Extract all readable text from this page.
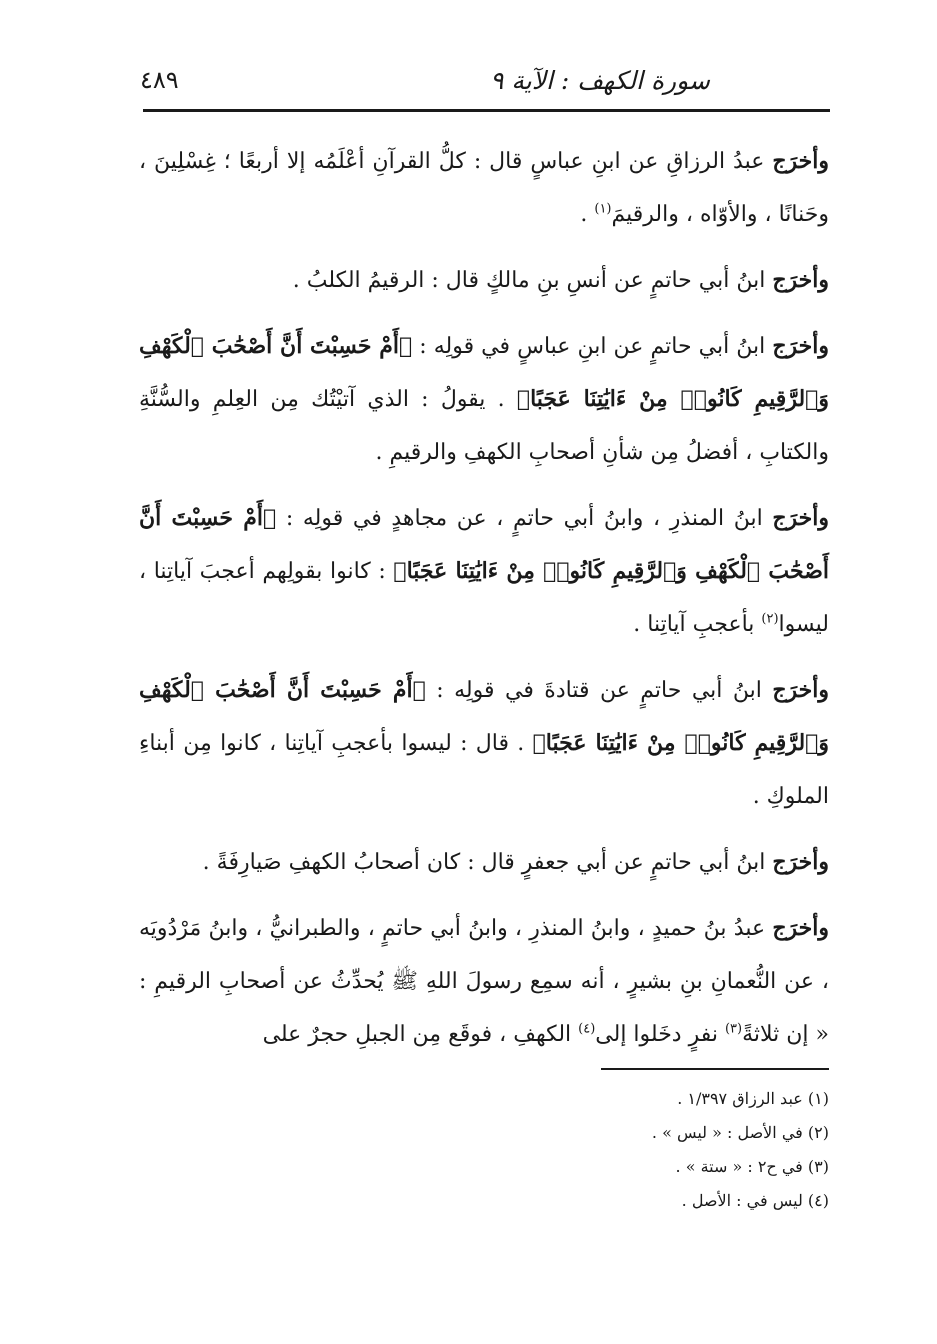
سورة الكهف : الآية ٩
٤٨٩

وأخرَج عبدُ الرزاقِ عن ابنِ عباسٍ قال : كلُّ القرآنِ أعْلَمُه إلا أربعًا ؛ غِسْلِينَ ، وحَنانًا ، والأوّاه ، والرقيمَ$^{(١)}$ .

وأخرَج ابنُ أبي حاتمٍ عن أنسِ بنِ مالكٍ قال : الرقيمُ الكلبُ .

وأخرَج ابنُ أبي حاتمٍ عن ابنِ عباسٍ في قولِه : ﴿أَمْ حَسِبْتَ أَنَّ أَصْحَٰبَ ٱلْكَهْفِ وَٱلرَّقِيمِ كَانُوا۟ مِنْ ءَايَٰتِنَا عَجَبًا﴾ . يقولُ : الذي آتيْتُك مِن العِلمِ والسُّنَّةِ والكتابِ ، أفضلُ مِن شأنِ أصحابِ الكهفِ والرقيمِ .

وأخرَج ابنُ المنذرِ ، وابنُ أبي حاتمٍ ، عن مجاهدٍ في قولِه : ﴿أَمْ حَسِبْتَ أَنَّ أَصْحَٰبَ ٱلْكَهْفِ وَٱلرَّقِيمِ كَانُوا۟ مِنْ ءَايَٰتِنَا عَجَبًا﴾ : كانوا بقولِهم أعجبَ آياتِنا ، ليسوا$^{(٢)}$ بأعجبِ آياتِنا .

وأخرَج ابنُ أبي حاتمٍ عن قتادةَ في قولِه : ﴿أَمْ حَسِبْتَ أَنَّ أَصْحَٰبَ ٱلْكَهْفِ وَٱلرَّقِيمِ كَانُوا۟ مِنْ ءَايَٰتِنَا عَجَبًا﴾ . قال : ليسوا بأعجبِ آياتِنا ، كانوا مِن أبناءِ الملوكِ .

وأخرَج ابنُ أبي حاتمٍ عن أبي جعفرٍ قال : كان أصحابُ الكهفِ صَيارِفَةً .

وأخرَج عبدُ بنُ حميدٍ ، وابنُ المنذرِ ، وابنُ أبي حاتمٍ ، والطبرانيُّ ، وابنُ مَرْدُويَه ، عن النُّعمانِ بنِ بشيرٍ ، أنه سمِع رسولَ اللهِ ﷺ يُحدِّثُ عن أصحابِ الرقيمِ : « إن ثلاثةً$^{(٣)}$ نفرٍ دخَلوا إلى$^{(٤)}$ الكهفِ ، فوقَع مِن الجبلِ حجرٌ على

(١) عبد الرزاق ١/٣٩٧ .

(٢) في الأصل : « ليس » .

(٣) في ح٢ : « ستة » .

(٤) ليس في : الأصل .
